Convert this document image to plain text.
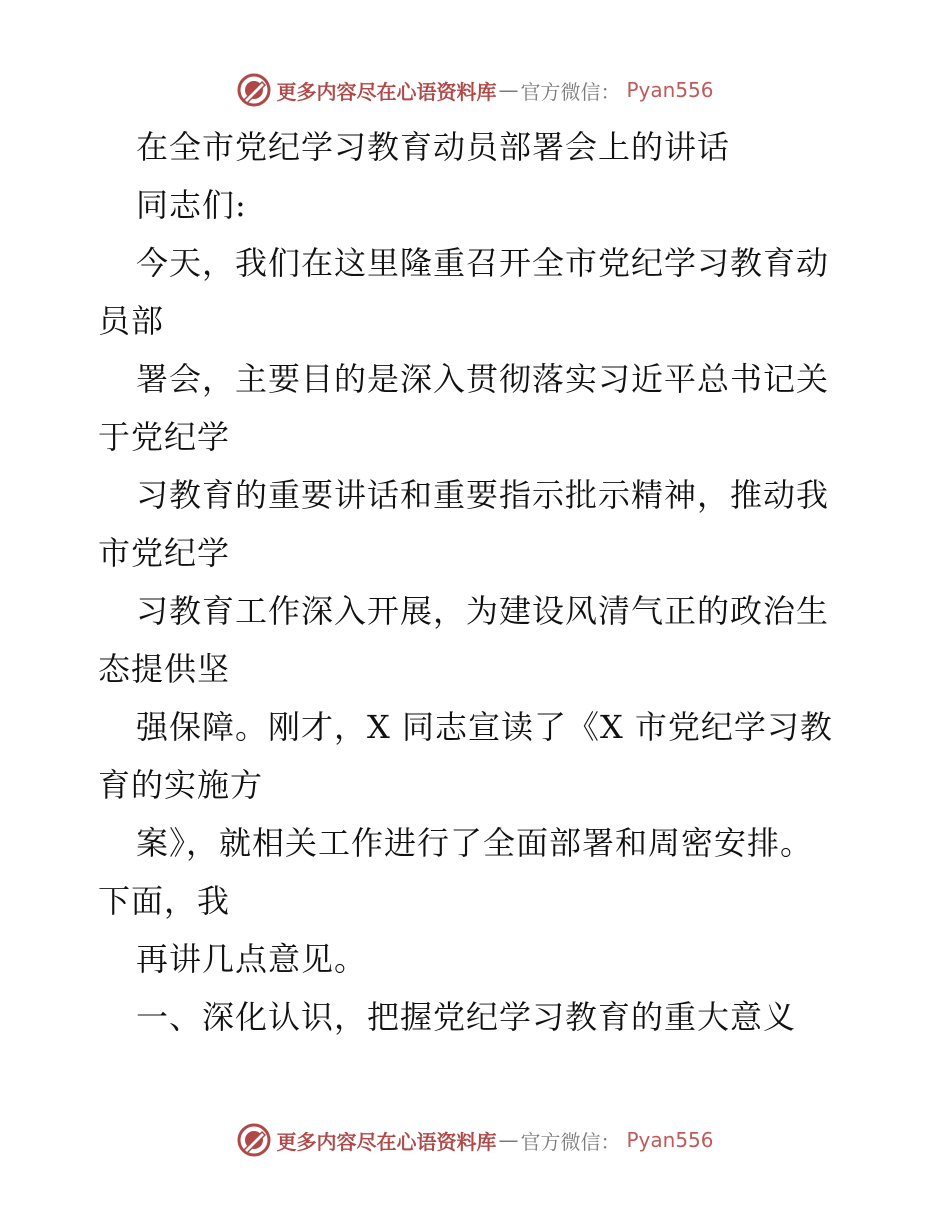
更多内容尽在心语资料库 — 官方微信： Pyan556
在全市党纪学习教育动员部署会上的讲话
同志们:
今天，我们在这里隆重召开全市党纪学习教育动
员部
署会，主要目的是深入贯彻落实习近平总书记关
于党纪学
习教育的重要讲话和重要指示批示精神，推动我
市党纪学
习教育工作深入开展，为建设风清气正的政治生
态提供坚
强保障。刚才，X 同志宣读了《X 市党纪学习教
育的实施方
案》，就相关工作进行了全面部署和周密安排。
下面，我
再讲几点意见。
一、深化认识，把握党纪学习教育的重大意义
更多内容尽在心语资料库 — 官方微信： Pyan556
